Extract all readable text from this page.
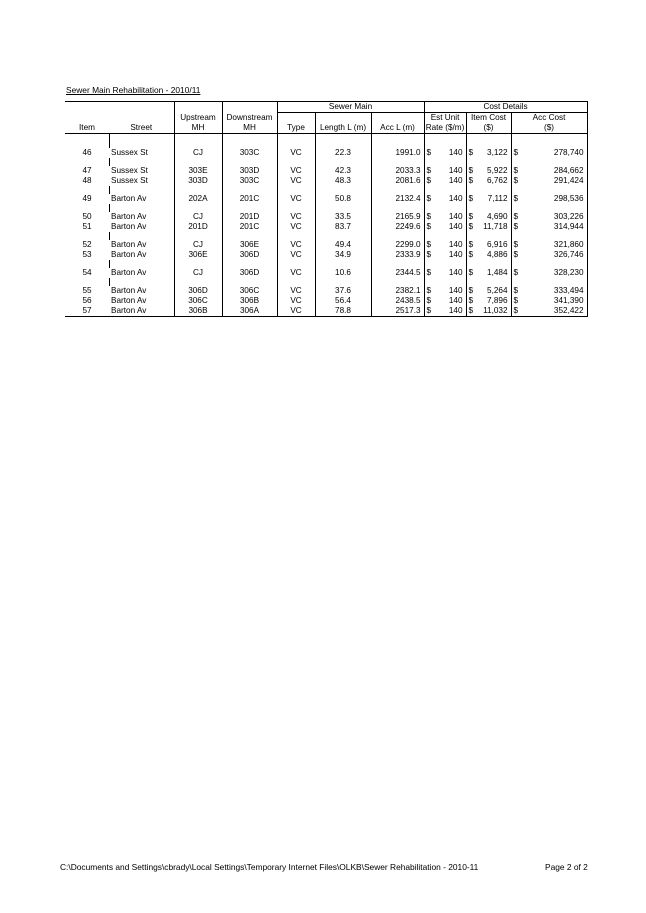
Sewer Main Rehabilitation - 2010/11
				Sewer Main			Cost Details		
		Upstream	Downstream				Est Unit	Item Cost	Acc Cost
Item	Street	MH	MH	Type	Length L (m)	Acc L (m)	Rate ($/m)	($)	($)

46	Sussex St	CJ	303C	VC	22.3	1991.0	$ 140	$ 3,122	$ 278,740

47	Sussex St	303E	303D	VC	42.3	2033.3	$ 140	$ 5,922	$ 284,662

48	Sussex St	303D	303C	VC	48.3	2081.6	$ 140	$ 6,762	$ 291,424

49	Barton Av	202A	201C	VC	50.8	2132.4	$ 140	$ 7,112	$ 298,536

50	Barton Av	CJ	201D	VC	33.5	2165.9	$ 140	$ 4,690	$ 303,226

51	Barton Av	201D	201C	VC	83.7	2249.6	$ 140	$ 11,718	$ 314,944

52	Barton Av	CJ	306E	VC	49.4	2299.0	$ 140	$ 6,916	$ 321,860

53	Barton Av	306E	306D	VC	34.9	2333.9	$ 140	$ 4,886	$ 326,746

54	Barton Av	CJ	306D	VC	10.6	2344.5	$ 140	$ 1,484	$ 328,230

55	Barton Av	306D	306C	VC	37.6	2382.1	$ 140	$ 5,264	$ 333,494

56	Barton Av	306C	306B	VC	56.4	2438.5	$ 140	$ 7,896	$ 341,390

57	Barton Av	306B	306A	VC	78.8	2517.3	$ 140	$ 11,032	$ 352,422
C:\Documents and Settings\cbrady\Local Settings\Temporary Internet Files\OLKB\Sewer Rehabilitation - 2010-11	Page 2 of 2
